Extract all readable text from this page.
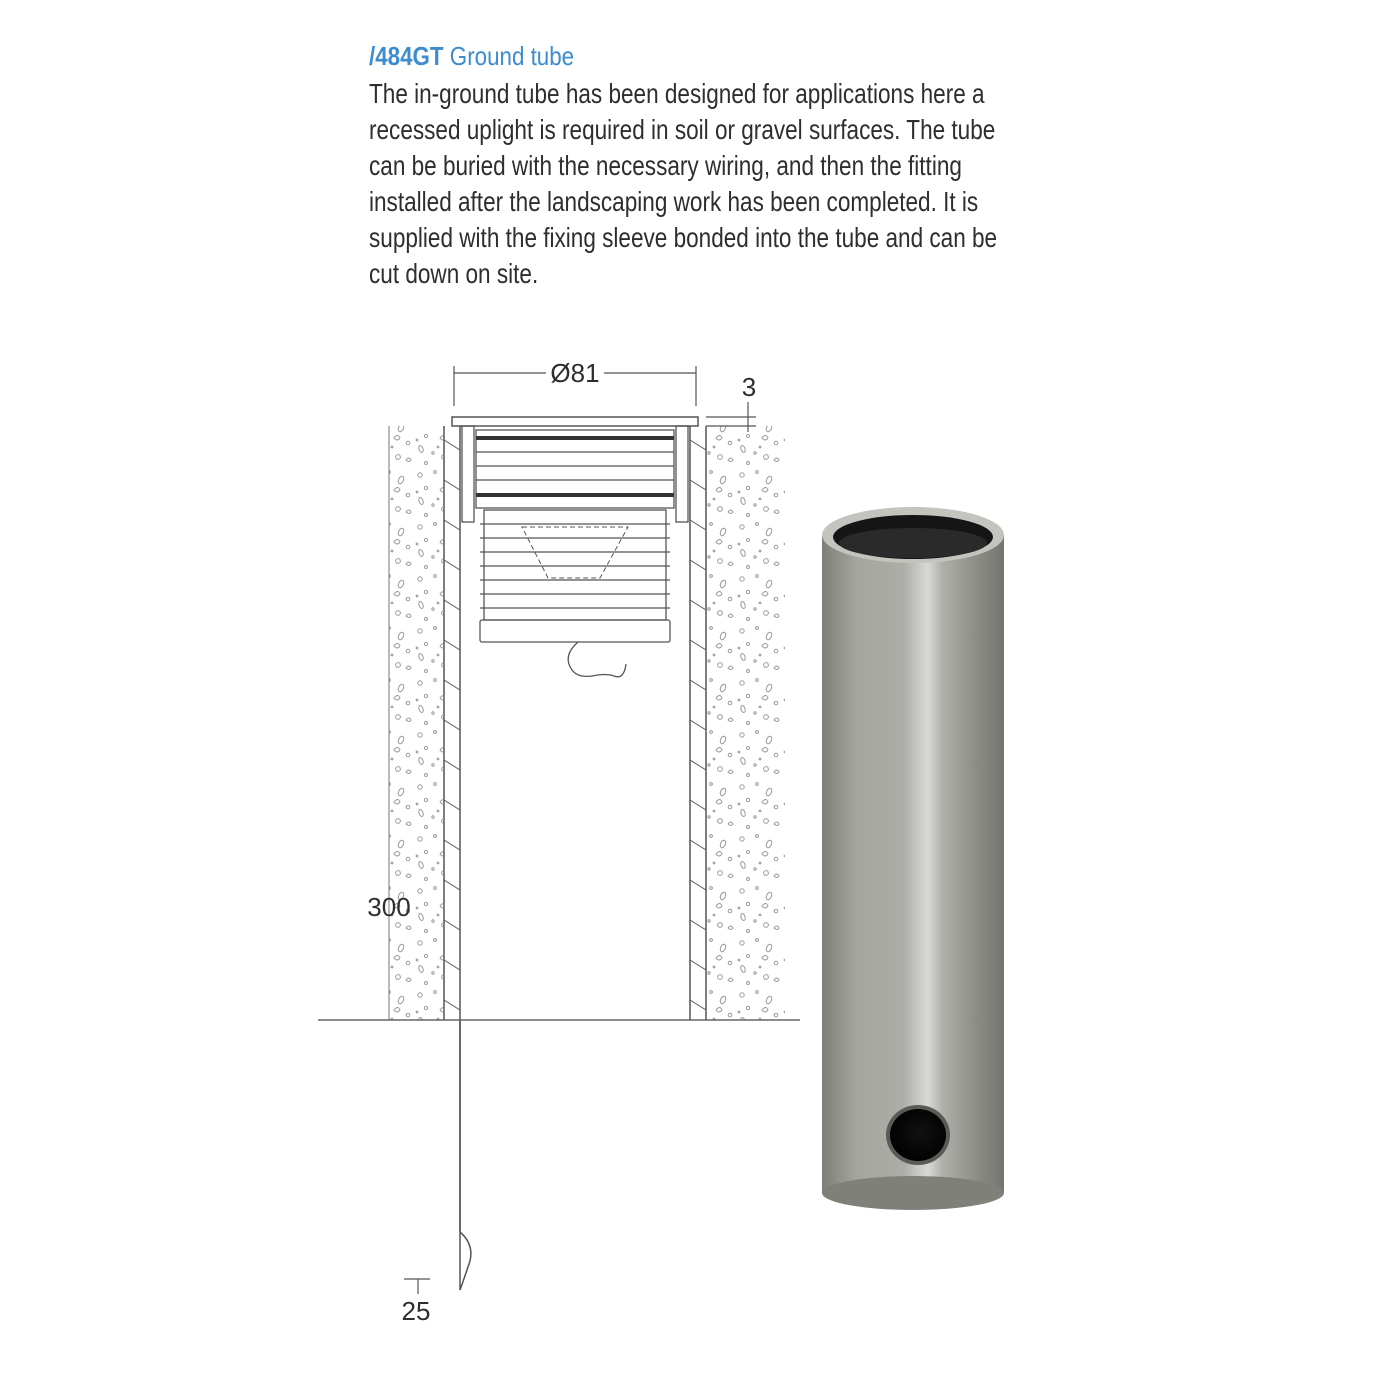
/484GT Ground tube
The in-ground tube has been designed for applications here a
recessed uplight is required in soil or gravel surfaces. The tube
can be buried with the necessary wiring, and then the fitting
installed after the landscaping work has been completed. It is
supplied with the fixing sleeve bonded into the tube and can be
cut down on site.
Ø81	3
300
25
